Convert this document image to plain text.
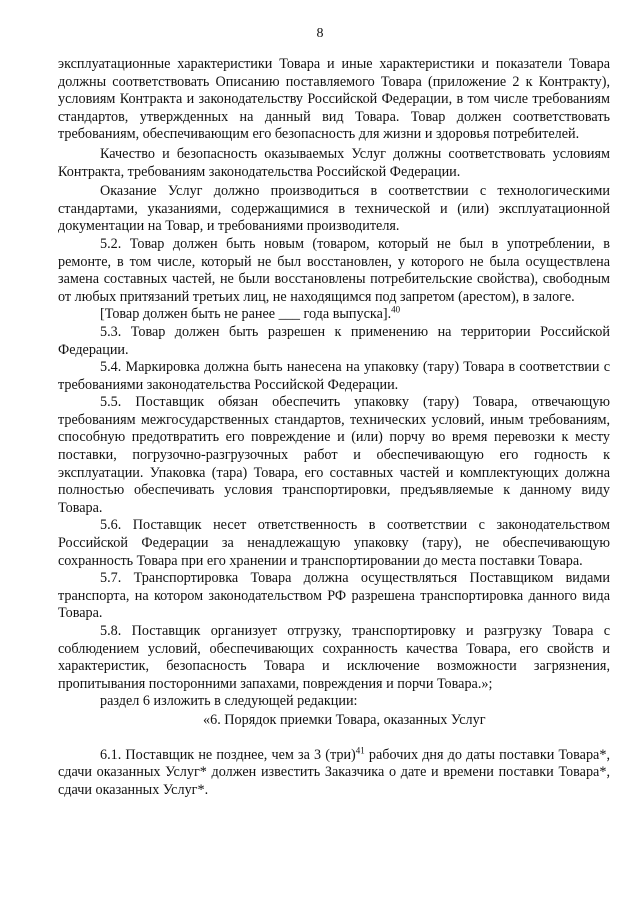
8

эксплуатационные характеристики Товара и иные характеристики и показатели Товара должны соответствовать Описанию поставляемого Товара (приложение 2 к Контракту), условиям Контракта и законодательству Российской Федерации, в том числе требованиям стандартов, утвержденных на данный вид Товара. Товар должен соответствовать требованиям, обеспечивающим его безопасность для жизни и здоровья потребителей.

Качество и безопасность оказываемых Услуг должны соответствовать условиям Контракта, требованиям законодательства Российской Федерации.

Оказание Услуг должно производиться в соответствии с технологическими стандартами, указаниями, содержащимися в технической и (или) эксплуатационной документации на Товар, и требованиями производителя.

5.2. Товар должен быть новым (товаром, который не был в употреблении, в ремонте, в том числе, который не был восстановлен, у которого не была осуществлена замена составных частей, не были восстановлены потребительские свойства), свободным от любых притязаний третьих лиц, не находящимся под запретом (арестом), в залоге.

[Товар должен быть не ранее ___ года выпуска].$^{40}$

5.3. Товар должен быть разрешен к применению на территории Российской Федерации.

5.4. Маркировка должна быть нанесена на упаковку (тару) Товара в соответствии с требованиями законодательства Российской Федерации.

5.5. Поставщик обязан обеспечить упаковку (тару) Товара, отвечающую требованиям межгосударственных стандартов, технических условий, иным требованиям, способную предотвратить его повреждение и (или) порчу во время перевозки к месту поставки, погрузочно-разгрузочных работ и обеспечивающую его годность к эксплуатации. Упаковка (тара) Товара, его составных частей и комплектующих должна полностью обеспечивать условия транспортировки, предъявляемые к данному виду Товара.

5.6. Поставщик несет ответственность в соответствии с законодательством Российской Федерации за ненадлежащую упаковку (тару), не обеспечивающую сохранность Товара при его хранении и транспортировании до места поставки Товара.

5.7. Транспортировка Товара должна осуществляться Поставщиком видами транспорта, на котором законодательством РФ разрешена транспортировка данного вида Товара.

5.8. Поставщик организует отгрузку, транспортировку и разгрузку Товара с соблюдением условий, обеспечивающих сохранность качества Товара, его свойств и характеристик, безопасность Товара и исключение возможности загрязнения, пропитывания посторонними запахами, повреждения и порчи Товара.»;

раздел 6 изложить в следующей редакции:

«6. Порядок приемки Товара, оказанных Услуг

6.1. Поставщик не позднее, чем за 3 (три)$^{41}$ рабочих дня до даты поставки Товара*, сдачи оказанных Услуг* должен известить Заказчика о дате и времени поставки Товара*, сдачи оказанных Услуг*.
